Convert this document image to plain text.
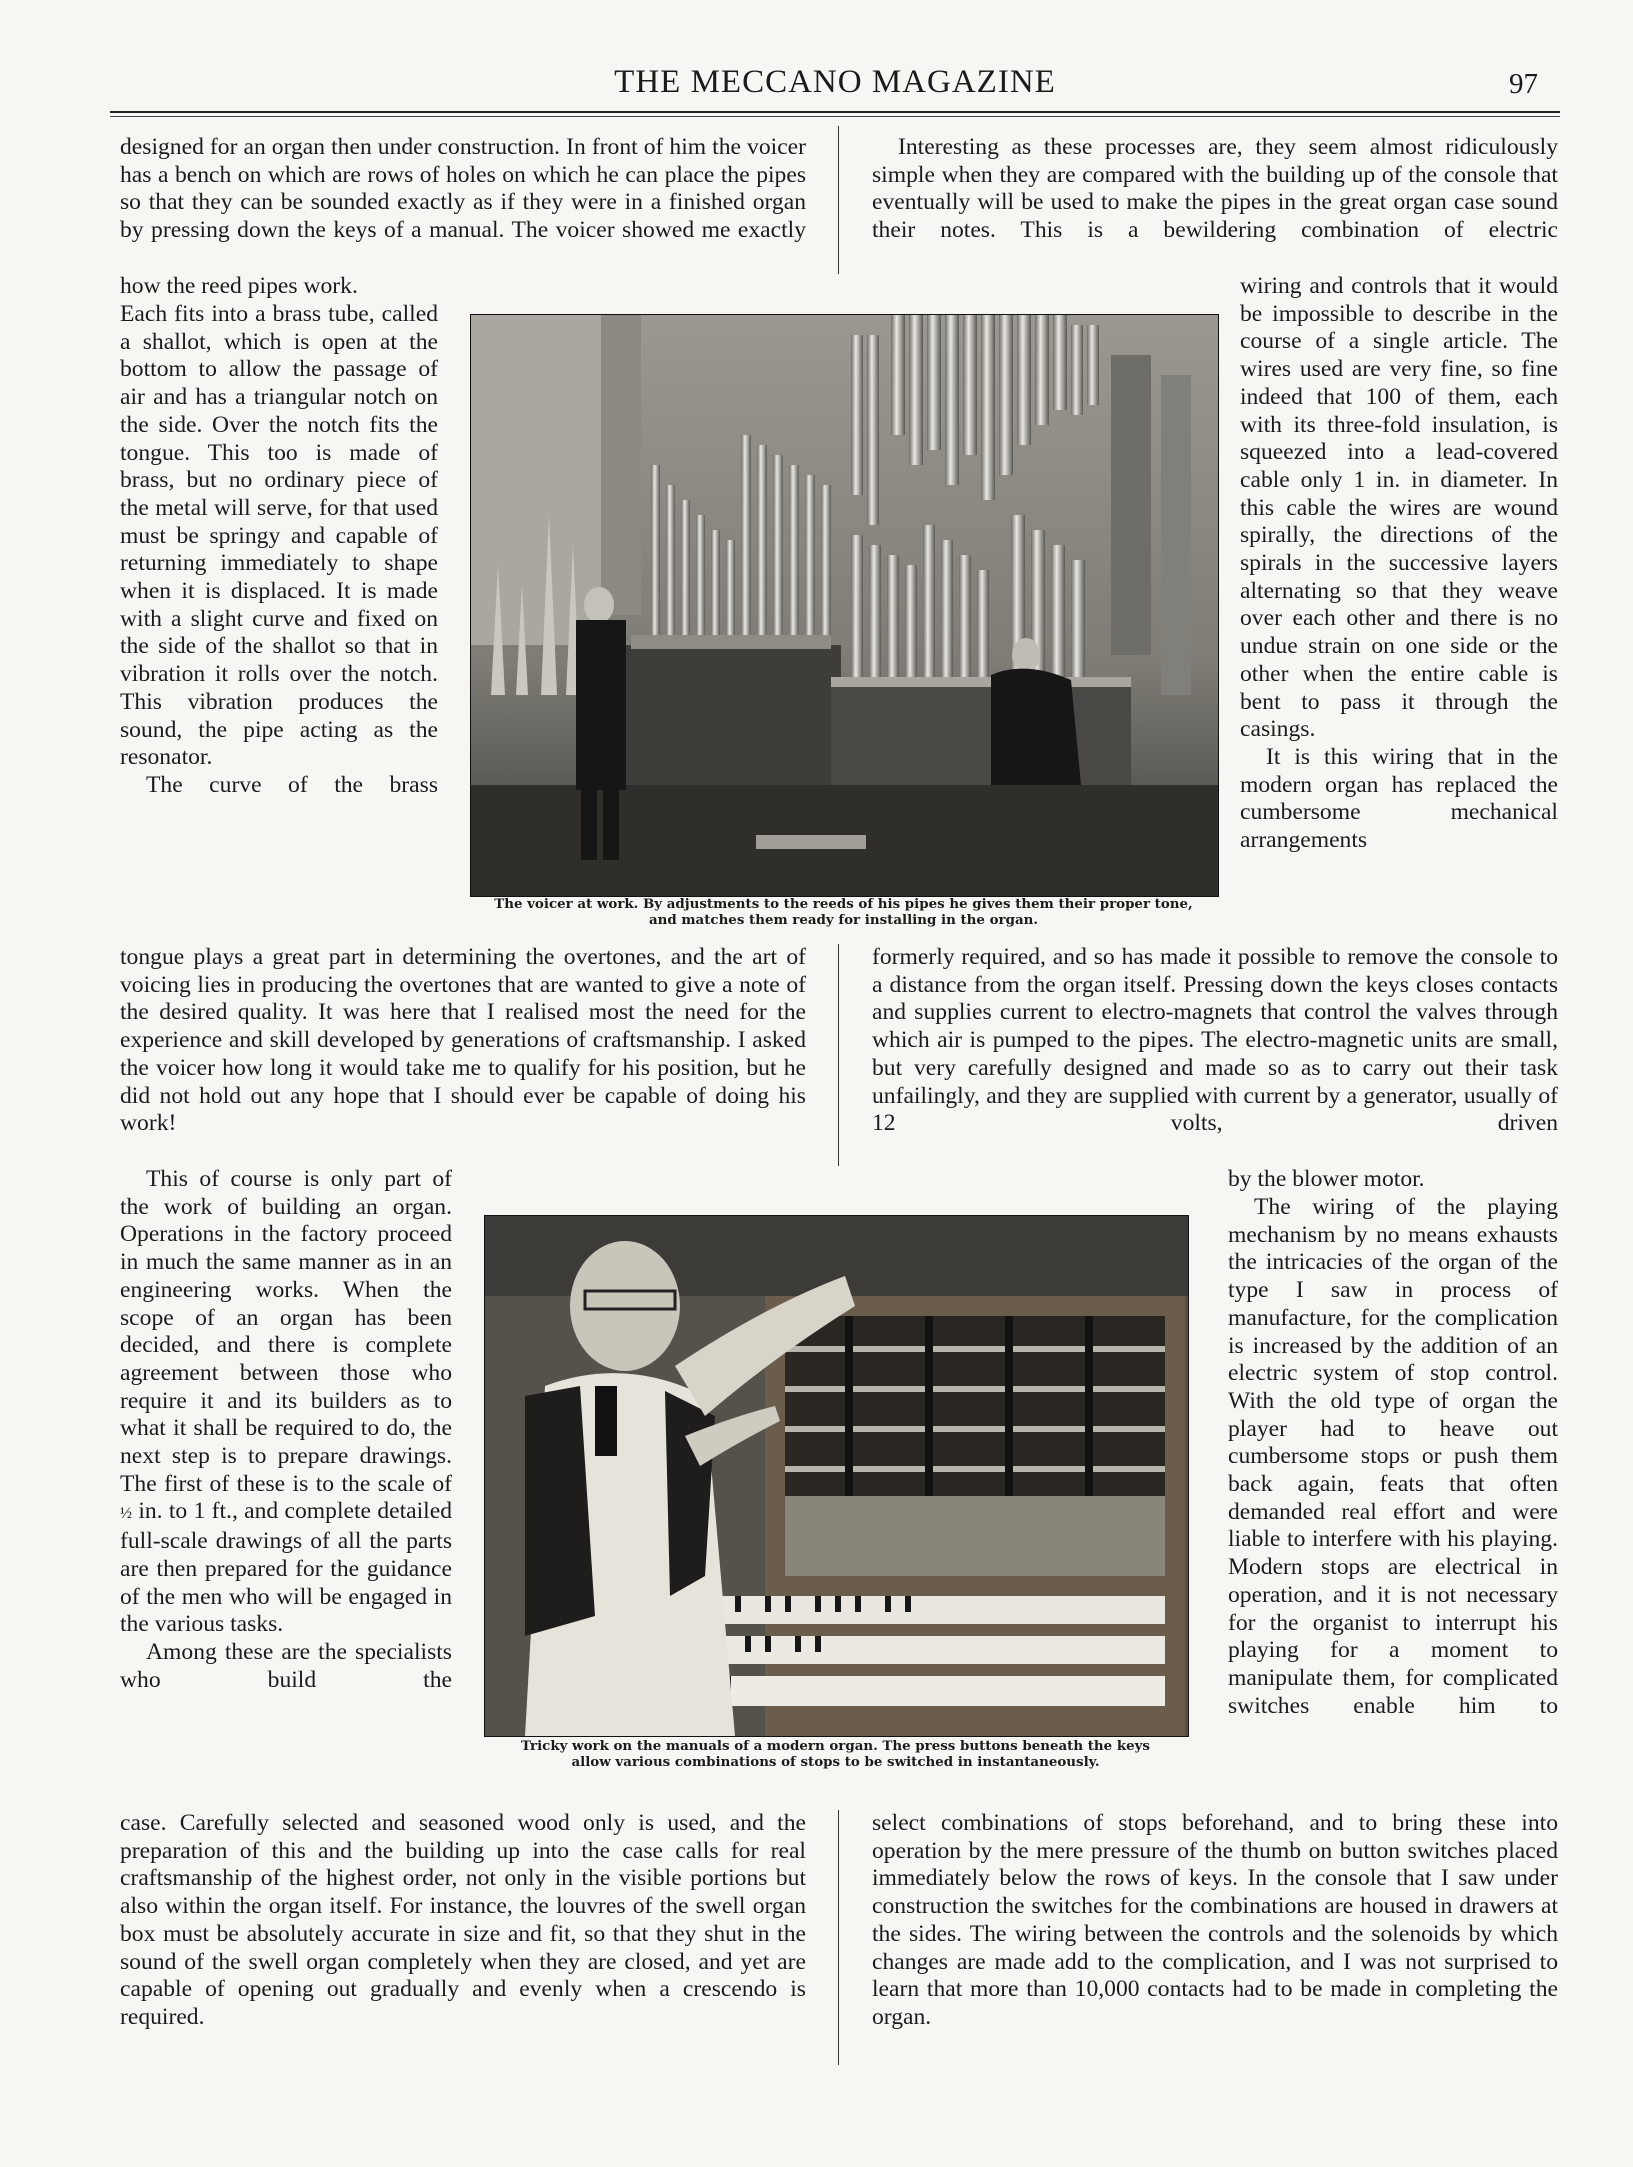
THE MECCANO MAGAZINE	97

designed for an organ then under construction. In front of him the voicer has a bench on which are rows of holes on which he can place the pipes so that they can be sounded exactly as if they were in a finished organ by pressing down the keys of a manual. The voicer showed me exactly

how the reed pipes work.

Each fits into a brass tube, called a shallot, which is open at the bottom to allow the passage of air and has a triangular notch on the side. Over the notch fits the tongue. This too is made of brass, but no ordinary piece of the metal will serve, for that used must be springy and capable of returning immediately to shape when it is displaced. It is made with a slight curve and fixed on the side of the shallot so that in vibration it rolls over the notch. This vibration produces the sound, the pipe acting as the resonator.

The curve of the brass

The voicer at work. By adjustments to the reeds of his pipes he gives them their proper tone,
and matches them ready for installing in the organ.

Interesting as these processes are, they seem almost ridiculously simple when they are compared with the building up of the console that eventually will be used to make the pipes in the great organ case sound their notes. This is a bewildering combination of electric

wiring and controls that it would be impossible to describe in the course of a single article. The wires used are very fine, so fine indeed that 100 of them, each with its three-fold insulation, is squeezed into a lead-covered cable only 1 in. in diameter. In this cable the wires are wound spirally, the directions of the spirals in the successive layers alternating so that they weave over each other and there is no undue strain on one side or the other when the entire cable is bent to pass it through the casings.

It is this wiring that in the modern organ has replaced the cumbersome mechanical arrangements

tongue plays a great part in determining the overtones, and the art of voicing lies in producing the overtones that are wanted to give a note of the desired quality. It was here that I realised most the need for the experience and skill developed by generations of craftsmanship. I asked the voicer how long it would take me to qualify for his position, but he did not hold out any hope that I should ever be capable of doing his work!

formerly required, and so has made it possible to remove the console to a distance from the organ itself. Pressing down the keys closes contacts and supplies current to electro-magnets that control the valves through which air is pumped to the pipes. The electro-magnetic units are small, but very carefully designed and made so as to carry out their task unfailingly, and they are supplied with current by a generator, usually of 12 volts, driven

by the blower motor.

The wiring of the playing mechanism by no means exhausts the intricacies of the organ of the type I saw in process of manufacture, for the complication is increased by the addition of an electric system of stop control. With the old type of organ the player had to heave out cumbersome stops or push them back again, feats that often demanded real effort and were liable to interfere with his playing. Modern stops are electrical in operation, and it is not necessary for the organist to interrupt his playing for a moment to manipulate them, for complicated switches enable him to

This of course is only part of the work of building an organ. Operations in the factory proceed in much the same manner as in an engineering works. When the scope of an organ has been decided, and there is complete agreement between those who require it and its builders as to what it shall be required to do, the next step is to prepare drawings. The first of these is to the scale of ½ in. to 1 ft., and complete detailed full-scale drawings of all the parts are then prepared for the guidance of the men who will be engaged in the various tasks.

Among these are the specialists who build the

Tricky work on the manuals of a modern organ. The press buttons beneath the keys
allow various combinations of stops to be switched in instantaneously.

case. Carefully selected and seasoned wood only is used, and the preparation of this and the building up into the case calls for real craftsmanship of the highest order, not only in the visible portions but also within the organ itself. For instance, the louvres of the swell organ box must be absolutely accurate in size and fit, so that they shut in the sound of the swell organ completely when they are closed, and yet are capable of opening out gradually and evenly when a crescendo is required.

select combinations of stops beforehand, and to bring these into operation by the mere pressure of the thumb on button switches placed immediately below the rows of keys. In the console that I saw under construction the switches for the combinations are housed in drawers at the sides. The wiring between the controls and the solenoids by which changes are made add to the complication, and I was not surprised to learn that more than 10,000 contacts had to be made in completing the organ.
